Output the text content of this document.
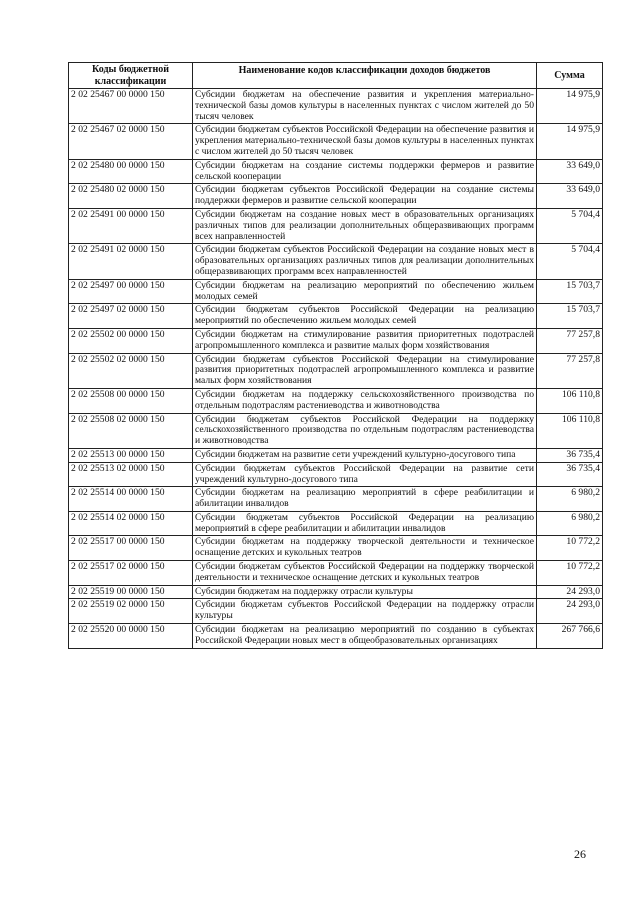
Коды бюджетной классификации	Наименование кодов классификации доходов бюджетов	Сумма
2 02 25467 00 0000 150	Субсидии бюджетам на обеспечение развития и укрепления материально-технической базы домов культуры в населенных пунктах с числом жителей до 50 тысяч человек	14 975,9
2 02 25467 02 0000 150	Субсидии бюджетам субъектов Российской Федерации на обеспечение развития и укрепления материально-технической базы домов культуры в населенных пунктах с числом жителей до 50 тысяч человек	14 975,9
2 02 25480 00 0000 150	Субсидии бюджетам на создание системы поддержки фермеров и развитие сельской кооперации	33 649,0
2 02 25480 02 0000 150	Субсидии бюджетам субъектов Российской Федерации на создание системы поддержки фермеров и развитие сельской кооперации	33 649,0
2 02 25491 00 0000 150	Субсидии бюджетам на создание новых мест в образовательных организациях различных типов для реализации дополнительных общеразвивающих программ всех направленностей	5 704,4
2 02 25491 02 0000 150	Субсидии бюджетам субъектов Российской Федерации на создание новых мест в образовательных организациях различных типов для реализации дополнительных общеразвивающих программ всех направленностей	5 704,4
2 02 25497 00 0000 150	Субсидии бюджетам на реализацию мероприятий по обеспечению жильем молодых семей	15 703,7
2 02 25497 02 0000 150	Субсидии бюджетам субъектов Российской Федерации на реализацию мероприятий по обеспечению жильем молодых семей	15 703,7
2 02 25502 00 0000 150	Субсидии бюджетам на стимулирование развития приоритетных подотраслей агропромышленного комплекса и развитие малых форм хозяйствования	77 257,8
2 02 25502 02 0000 150	Субсидии бюджетам субъектов Российской Федерации на стимулирование развития приоритетных подотраслей агропромышленного комплекса и развитие малых форм хозяйствования	77 257,8
2 02 25508 00 0000 150	Субсидии бюджетам на поддержку сельскохозяйственного производства по отдельным подотраслям растениеводства и животноводства	106 110,8
2 02 25508 02 0000 150	Субсидии бюджетам субъектов Российской Федерации на поддержку сельскохозяйственного производства по отдельным подотраслям растениеводства и животноводства	106 110,8
2 02 25513 00 0000 150	Субсидии бюджетам на развитие сети учреждений культурно-досугового типа	36 735,4
2 02 25513 02 0000 150	Субсидии бюджетам субъектов Российской Федерации на развитие сети учреждений культурно-досугового типа	36 735,4
2 02 25514 00 0000 150	Субсидии бюджетам на реализацию мероприятий в сфере реабилитации и абилитации инвалидов	6 980,2
2 02 25514 02 0000 150	Субсидии бюджетам субъектов Российской Федерации на реализацию мероприятий в сфере реабилитации и абилитации инвалидов	6 980,2
2 02 25517 00 0000 150	Субсидии бюджетам на поддержку творческой деятельности и техническое оснащение детских и кукольных театров	10 772,2
2 02 25517 02 0000 150	Субсидии бюджетам субъектов Российской Федерации на поддержку творческой деятельности и техническое оснащение детских и кукольных театров	10 772,2
2 02 25519 00 0000 150	Субсидии бюджетам на поддержку отрасли культуры	24 293,0
2 02 25519 02 0000 150	Субсидии бюджетам субъектов Российской Федерации на поддержку отрасли культуры	24 293,0
2 02 25520 00 0000 150	Субсидии бюджетам на реализацию мероприятий по созданию в субъектах Российской Федерации новых мест в общеобразовательных организациях	267 766,6
26
